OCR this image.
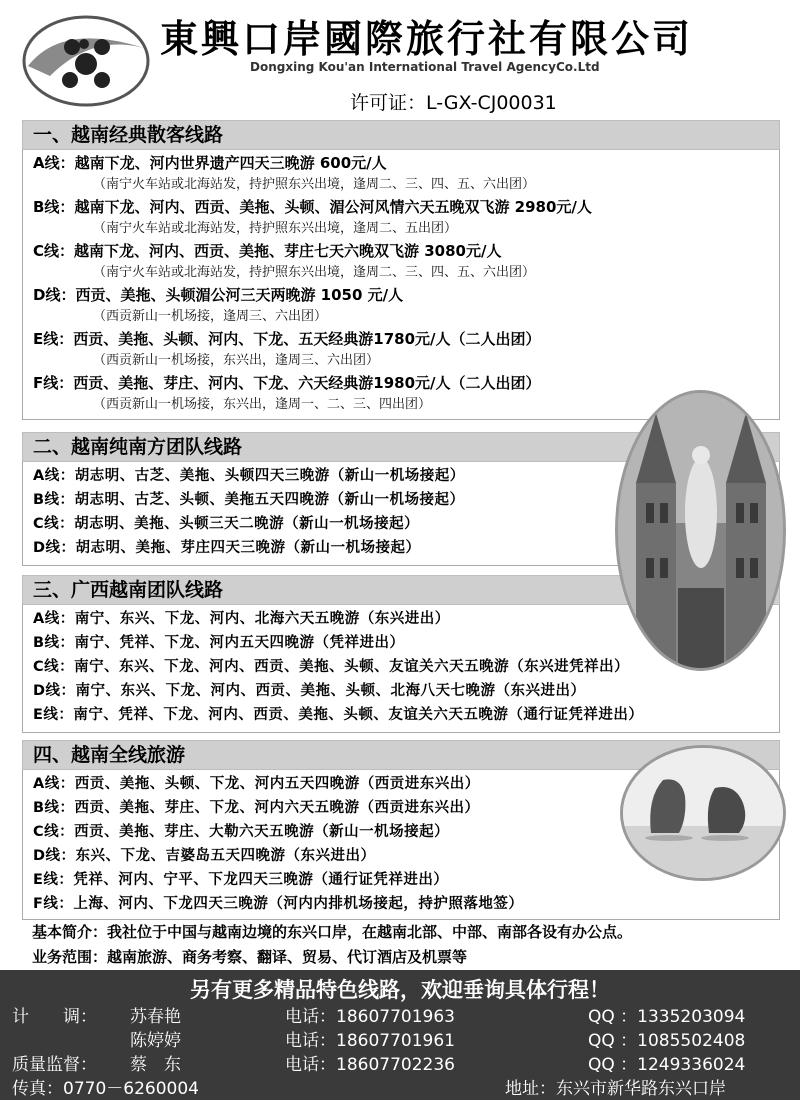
東興口岸國際旅行社有限公司
Dongxing Kou'an International Travel AgencyCo.Ltd
许可证：L-GX-CJ00031
一、越南经典散客线路
A线：越南下龙、河内世界遗产四天三晚游 600元/人
（南宁火车站或北海站发，持护照东兴出境，逢周二、三、四、五、六出团）
B线：越南下龙、河内、西贡、美拖、头顿、湄公河风情六天五晚双飞游 2980元/人
（南宁火车站或北海站发，持护照东兴出境，逢周二、五出团）
C线：越南下龙、河内、西贡、美拖、芽庄七天六晚双飞游 3080元/人
（南宁火车站或北海站发，持护照东兴出境，逢周二、三、四、五、六出团）
D线：西贡、美拖、头顿湄公河三天两晚游 1050 元/人
（西贡新山一机场接，逢周三、六出团）
E线：西贡、美拖、头顿、河内、下龙、五天经典游1780元/人（二人出团）
（西贡新山一机场接，东兴出，逢周三、六出团）
F线：西贡、美拖、芽庄、河内、下龙、六天经典游1980元/人（二人出团）
（西贡新山一机场接，东兴出，逢周一、二、三、四出团）
二、越南纯南方团队线路
A线：胡志明、古芝、美拖、头顿四天三晚游（新山一机场接起）
B线：胡志明、古芝、头顿、美拖五天四晚游（新山一机场接起）
C线：胡志明、美拖、头顿三天二晚游（新山一机场接起）
D线：胡志明、美拖、芽庄四天三晚游（新山一机场接起）
三、广西越南团队线路
A线：南宁、东兴、下龙、河内、北海六天五晚游（东兴进出）
B线：南宁、凭祥、下龙、河内五天四晚游（凭祥进出）
C线：南宁、东兴、下龙、河内、西贡、美拖、头顿、友谊关六天五晚游（东兴进凭祥出）
D线：南宁、东兴、下龙、河内、西贡、美拖、头顿、北海八天七晚游（东兴进出）
E线：南宁、凭祥、下龙、河内、西贡、美拖、头顿、友谊关六天五晚游（通行证凭祥进出）
四、越南全线旅游
A线：西贡、美拖、头顿、下龙、河内五天四晚游（西贡进东兴出）
B线：西贡、美拖、芽庄、下龙、河内六天五晚游（西贡进东兴出）
C线：西贡、美拖、芽庄、大勒六天五晚游（新山一机场接起）
D线：东兴、下龙、吉婆岛五天四晚游（东兴进出）
E线：凭祥、河内、宁平、下龙四天三晚游（通行证凭祥进出）
F线：上海、河内、下龙四天三晚游（河内内排机场接起，持护照落地签）
基本简介：我社位于中国与越南边境的东兴口岸，在越南北部、中部、南部各设有办公点。
业务范围：越南旅游、商务考察、翻译、贸易、代订酒店及机票等
另有更多精品特色线路，欢迎垂询具体行程！
计　　调： 苏春艳
陈婷婷
质量监督： 蔡　东
电话：18607701963
电话：18607701961
电话：18607702236
QQ ：1335203094
QQ ：1085502408
QQ ：1249336024
传真：0770－6260004	地址：东兴市新华路东兴口岸
